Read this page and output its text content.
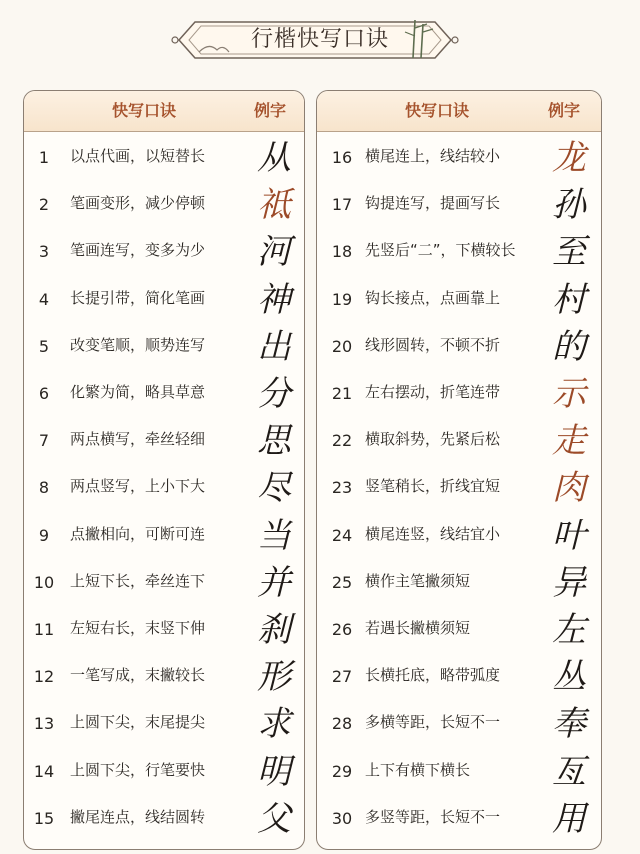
行楷快写口诀
快写口诀	例字
1	以点代画，以短替长 从
2	笔画变形，减少停顿 祗
3	笔画连写，变多为少 河
4	长提引带，简化笔画 神
5	改变笔顺，顺势连写 出
6	化繁为简，略具草意 分
7	两点横写，牵丝轻细 思
8	两点竖写，上小下大 尽
9	点撇相向，可断可连 当
10	上短下长，牵丝连下 并
11	左短右长，末竖下伸 刹
12	一笔写成，末撇较长 形
13	上圆下尖，末尾提尖 求
14	上圆下尖，行笔要快 明
15	撇尾连点，线结圆转 父
快写口诀	例字
16 横尾连上，线结较小 龙
17 钩提连写，提画写长 孙
18 先竖后“二”，下横较长 至
19 钩长接点，点画靠上 村
20 线形圆转，不顿不折 的
21 左右摆动，折笔连带 示
22 横取斜势，先紧后松 走
23 竖笔稍长，折线宜短 肉
24 横尾连竖，线结宜小 叶
25 横作主笔撇须短 异
26 若遇长撇横须短 左
27 长横托底，略带弧度 丛
28 多横等距，长短不一 奉
29 上下有横下横长 亙
30 多竖等距，长短不一 用
